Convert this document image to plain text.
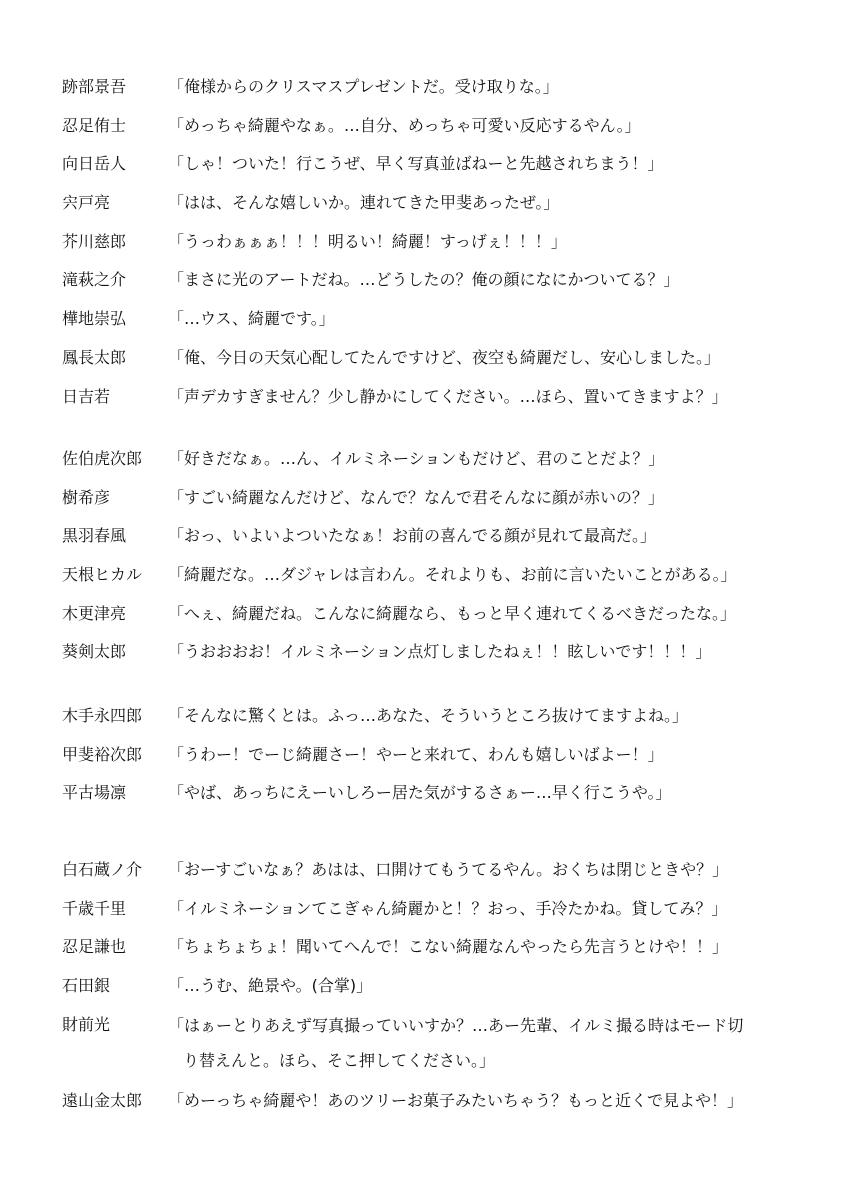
跡部景吾	「俺様からのクリスマスプレゼントだ。受け取りな。」
忍足侑士	「めっちゃ綺麗やなぁ。…自分、めっちゃ可愛い反応するやん。」
向日岳人	「しゃ！ついた！行こうぜ、早く写真並ばねーと先越されちまう！」
宍戸亮	「はは、そんな嬉しいか。連れてきた甲斐あったぜ。」
芥川慈郎	「うっわぁぁぁ！！！明るい！綺麗！すっげぇ！！！」
滝萩之介	「まさに光のアートだね。…どうしたの？俺の顔になにかついてる？」
樺地崇弘	「…ウス、綺麗です。」
鳳長太郎	「俺、今日の天気心配してたんですけど、夜空も綺麗だし、安心しました。」
日吉若	「声デカすぎません？少し静かにしてください。…ほら、置いてきますよ？」
佐伯虎次郎 「好きだなぁ。…ん、イルミネーションもだけど、君のことだよ？」
樹希彦	「すごい綺麗なんだけど、なんで？なんで君そんなに顔が赤いの？」
黒羽春風	「おっ、いよいよついたなぁ！お前の喜んでる顔が見れて最高だ。」
天根ヒカル 「綺麗だな。…ダジャレは言わん。それよりも、お前に言いたいことがある。」
木更津亮	「へぇ、綺麗だね。こんなに綺麗なら、もっと早く連れてくるべきだったな。」
葵剣太郎	「うおおおお！イルミネーション点灯しましたねぇ！！眩しいです！！！」
木手永四郎 「そんなに驚くとは。ふっ…あなた、そういうところ抜けてますよね。」
甲斐裕次郎 「うわー！でーじ綺麗さー！やーと来れて、わんも嬉しいばよー！」
平古場凛	「やば、あっちにえーいしろー居た気がするさぁー…早く行こうや。」
白石蔵ノ介 「おーすごいなぁ？あはは、口開けてもうてるやん。おくちは閉じときや？」
千歳千里	「イルミネーションてこぎゃん綺麗かと！？おっ、手冷たかね。貸してみ？」
忍足謙也	「ちょちょちょ！聞いてへんで！こない綺麗なんやったら先言うとけや！！」
石田銀	「…うむ、絶景や。(合掌)」
財前光	「はぁーとりあえず写真撮っていいすか？…あー先輩、イルミ撮る時はモード切
り替えんと。ほら、そこ押してください。」
遠山金太郎 「めーっちゃ綺麗や！あのツリーお菓子みたいちゃう？もっと近くで見よや！」
